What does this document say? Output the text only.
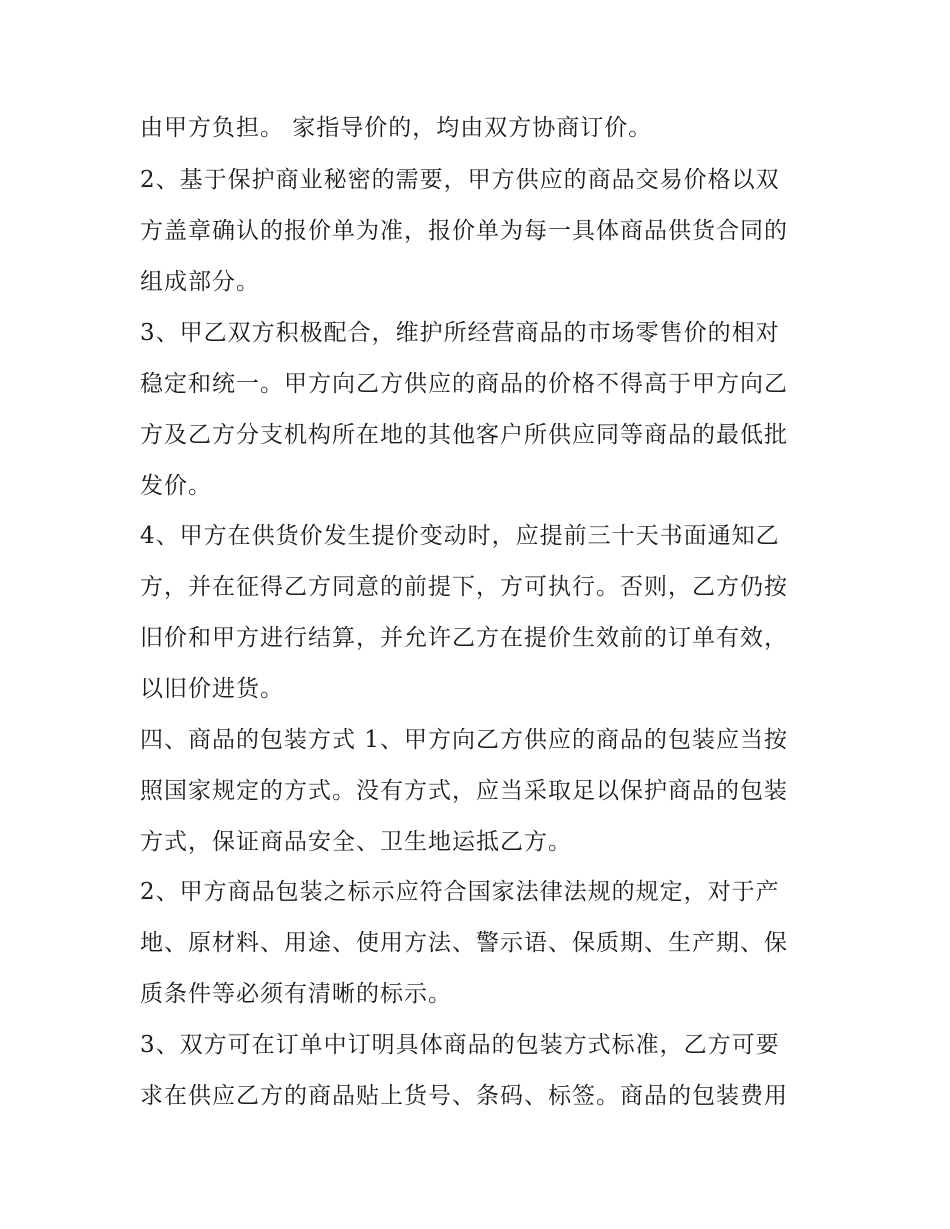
由甲方负担。 家指导价的，均由双方协商订价。
2、基于保护商业秘密的需要，甲方供应的商品交易价格以双
方盖章确认的报价单为准，报价单为每一具体商品供货合同的
组成部分。
3、甲乙双方积极配合，维护所经营商品的市场零售价的相对
稳定和统一。甲方向乙方供应的商品的价格不得高于甲方向乙
方及乙方分支机构所在地的其他客户所供应同等商品的最低批
发价。
4、甲方在供货价发生提价变动时，应提前三十天书面通知乙
方，并在征得乙方同意的前提下，方可执行。否则，乙方仍按
旧价和甲方进行结算，并允许乙方在提价生效前的订单有效，
以旧价进货。
四、商品的包装方式 1、甲方向乙方供应的商品的包装应当按
照国家规定的方式。没有方式，应当采取足以保护商品的包装
方式，保证商品安全、卫生地运抵乙方。
2、甲方商品包装之标示应符合国家法律法规的规定，对于产
地、原材料、用途、使用方法、警示语、保质期、生产期、保
质条件等必须有清晰的标示。
3、双方可在订单中订明具体商品的包装方式标准，乙方可要
求在供应乙方的商品贴上货号、条码、标签。商品的包装费用
